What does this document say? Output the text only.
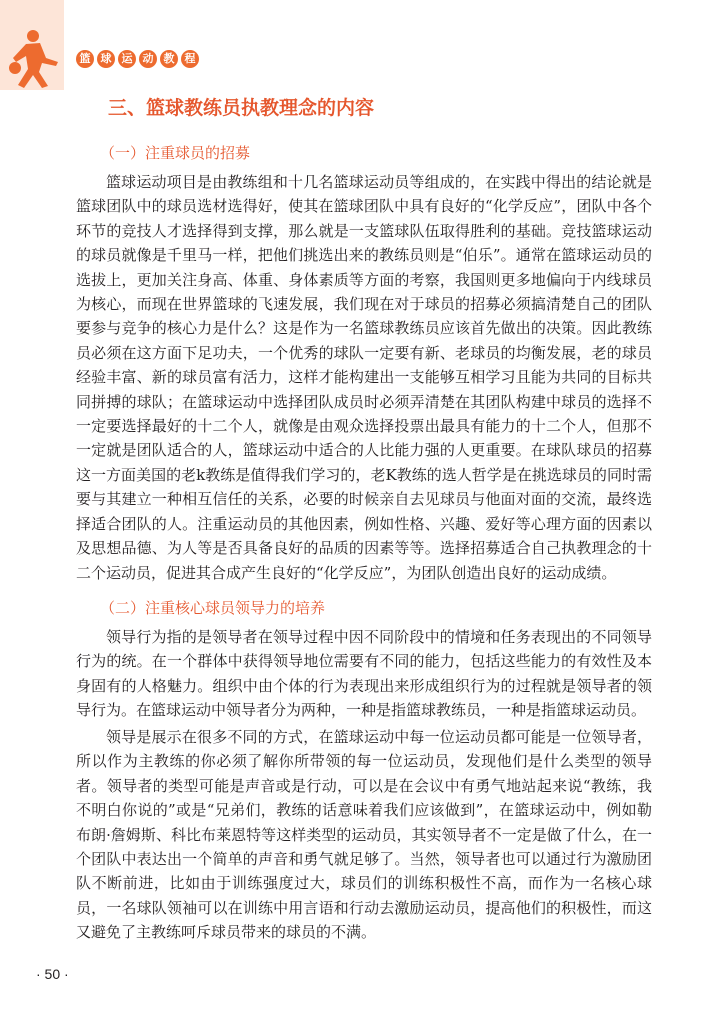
篮 球 运 动 教 程
三、篮球教练员执教理念的内容
（一）注重球员的招募

篮球运动项目是由教练组和十几名篮球运动员等组成的，在实践中得出的结论就是篮球团队中的球员选材选得好，使其在篮球团队中具有良好的“化学反应”，团队中各个环节的竞技人才选择得到支撑，那么就是一支篮球队伍取得胜利的基础。竞技篮球运动的球员就像是千里马一样，把他们挑选出来的教练员则是“伯乐”。通常在篮球运动员的选拔上，更加关注身高、体重、身体素质等方面的考察，我国则更多地偏向于内线球员为核心，而现在世界篮球的飞速发展，我们现在对于球员的招募必须搞清楚自己的团队要参与竞争的核心力是什么？这是作为一名篮球教练员应该首先做出的决策。因此教练员必须在这方面下足功夫，一个优秀的球队一定要有新、老球员的均衡发展，老的球员经验丰富、新的球员富有活力，这样才能构建出一支能够互相学习且能为共同的目标共同拼搏的球队；在篮球运动中选择团队成员时必须弄清楚在其团队构建中球员的选择不一定要选择最好的十二个人，就像是由观众选择投票出最具有能力的十二个人，但那不一定就是团队适合的人，篮球运动中适合的人比能力强的人更重要。在球队球员的招募这一方面美国的老k教练是值得我们学习的，老K教练的选人哲学是在挑选球员的同时需要与其建立一种相互信任的关系，必要的时候亲自去见球员与他面对面的交流，最终选择适合团队的人。注重运动员的其他因素，例如性格、兴趣、爱好等心理方面的因素以及思想品德、为人等是否具备良好的品质的因素等等。选择招募适合自己执教理念的十二个运动员，促进其合成产生良好的“化学反应”，为团队创造出良好的运动成绩。

（二）注重核心球员领导力的培养

领导行为指的是领导者在领导过程中因不同阶段中的情境和任务表现出的不同领导行为的统。在一个群体中获得领导地位需要有不同的能力，包括这些能力的有效性及本身固有的人格魅力。组织中由个体的行为表现出来形成组织行为的过程就是领导者的领导行为。在篮球运动中领导者分为两种，一种是指篮球教练员，一种是指篮球运动员。

领导是展示在很多不同的方式，在篮球运动中每一位运动员都可能是一位领导者，所以作为主教练的你必须了解你所带领的每一位运动员，发现他们是什么类型的领导者。领导者的类型可能是声音或是行动，可以是在会议中有勇气地站起来说“教练，我不明白你说的”或是“兄弟们，教练的话意味着我们应该做到”，在篮球运动中，例如勒布朗·詹姆斯、科比布莱恩特等这样类型的运动员，其实领导者不一定是做了什么，在一个团队中表达出一个简单的声音和勇气就足够了。当然，领导者也可以通过行为激励团队不断前进，比如由于训练强度过大，球员们的训练积极性不高，而作为一名核心球员，一名球队领袖可以在训练中用言语和行动去激励运动员，提高他们的积极性，而这又避免了主教练呵斥球员带来的球员的不满。

· 50 ·
